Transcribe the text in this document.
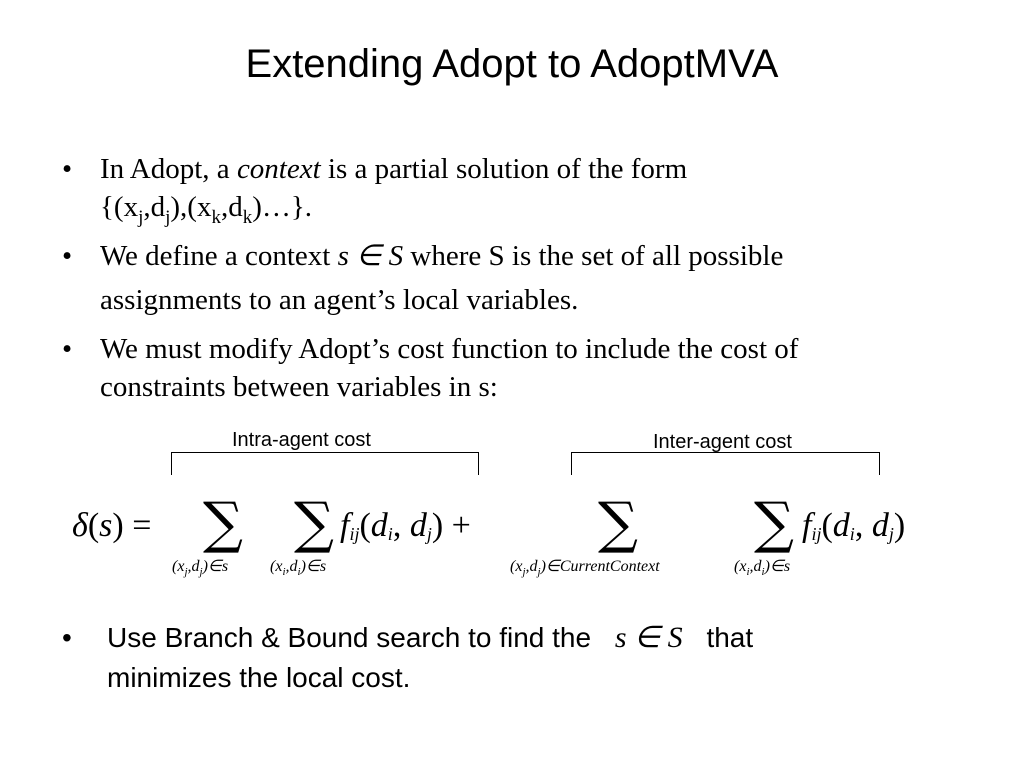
Extending Adopt to AdoptMVA
• In Adopt, a context is a partial solution of the form
$\{(x_j,d_j),(x_k,d_k)\dots\}$.
• We define a context s ∈ S where S is the set of all possible
assignments to an agent’s local variables.
• We must modify Adopt’s cost function to include the cost of
constraints between variables in s:
Intra-agent cost	Inter-agent cost
δ(s) = ∑ ∑ fij(di, dj) + ∑ ∑ fij(di, dj)
$(x_j,d_j)\in s$	$(x_i,d_i)\in s$	$(x_j,d_j)\in CurrentContext$	$(x_i,d_i)\in s$
•	Use Branch & Bound search to find the s ∈ S that
minimizes the local cost.
